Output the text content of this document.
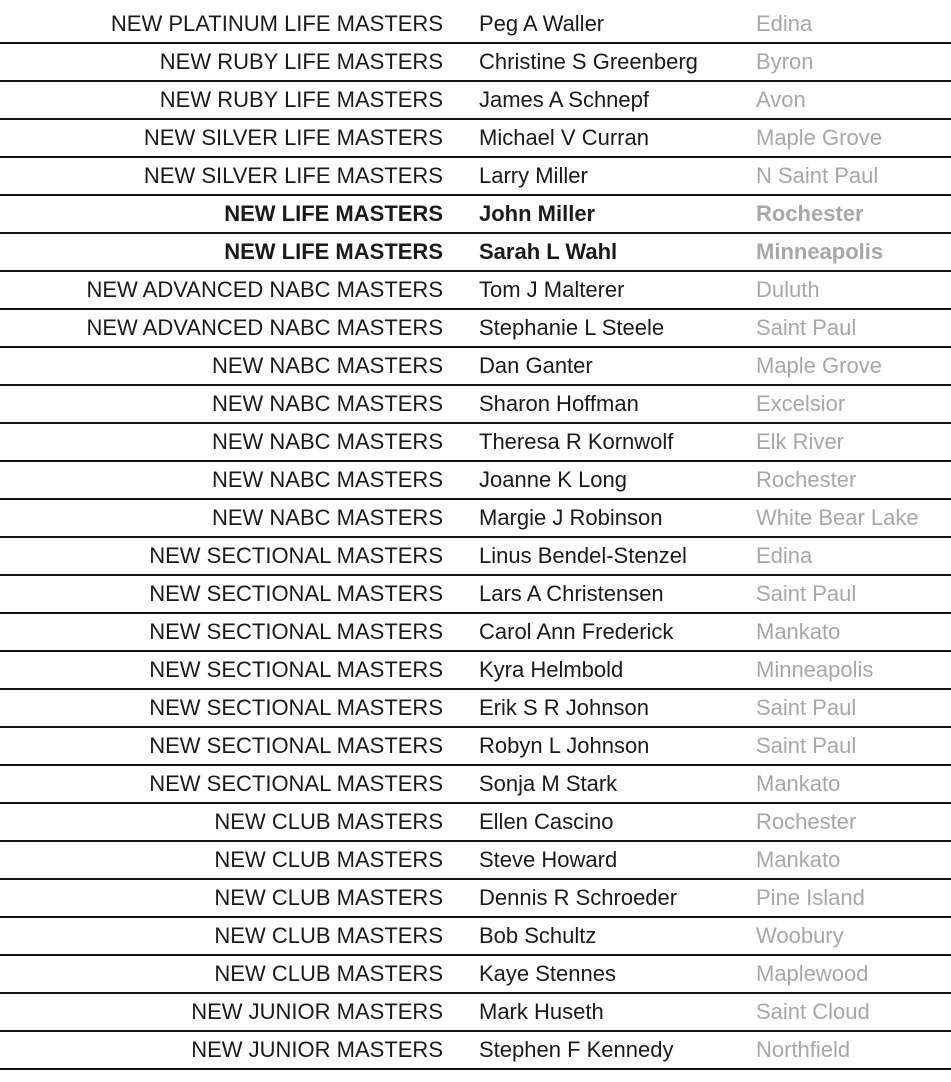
NEW PLATINUM LIFE MASTERS Peg A Waller	Edina
NEW RUBY LIFE MASTERS Christine S Greenberg	Byron
NEW RUBY LIFE MASTERS James A Schnepf	Avon
NEW SILVER LIFE MASTERS Michael V Curran	Maple Grove
NEW SILVER LIFE MASTERS Larry Miller	N Saint Paul
NEW LIFE MASTERS John Miller	Rochester
NEW LIFE MASTERS Sarah L Wahl	Minneapolis
NEW ADVANCED NABC MASTERS Tom J Malterer	Duluth
NEW ADVANCED NABC MASTERS Stephanie L Steele	Saint Paul
NEW NABC MASTERS Dan Ganter	Maple Grove
NEW NABC MASTERS Sharon Hoffman	Excelsior
NEW NABC MASTERS Theresa R Kornwolf	Elk River
NEW NABC MASTERS Joanne K Long	Rochester
NEW NABC MASTERS Margie J Robinson	White Bear Lake
NEW SECTIONAL MASTERS Linus Bendel-Stenzel	Edina
NEW SECTIONAL MASTERS Lars A Christensen	Saint Paul
NEW SECTIONAL MASTERS Carol Ann Frederick	Mankato
NEW SECTIONAL MASTERS Kyra Helmbold	Minneapolis
NEW SECTIONAL MASTERS Erik S R Johnson	Saint Paul
NEW SECTIONAL MASTERS Robyn L Johnson	Saint Paul
NEW SECTIONAL MASTERS Sonja M Stark	Mankato
NEW CLUB MASTERS Ellen Cascino	Rochester
NEW CLUB MASTERS Steve Howard	Mankato
NEW CLUB MASTERS Dennis R Schroeder	Pine Island
NEW CLUB MASTERS Bob Schultz	Woobury
NEW CLUB MASTERS Kaye Stennes	Maplewood
NEW JUNIOR MASTERS Mark Huseth	Saint Cloud
NEW JUNIOR MASTERS Stephen F Kennedy	Northfield
